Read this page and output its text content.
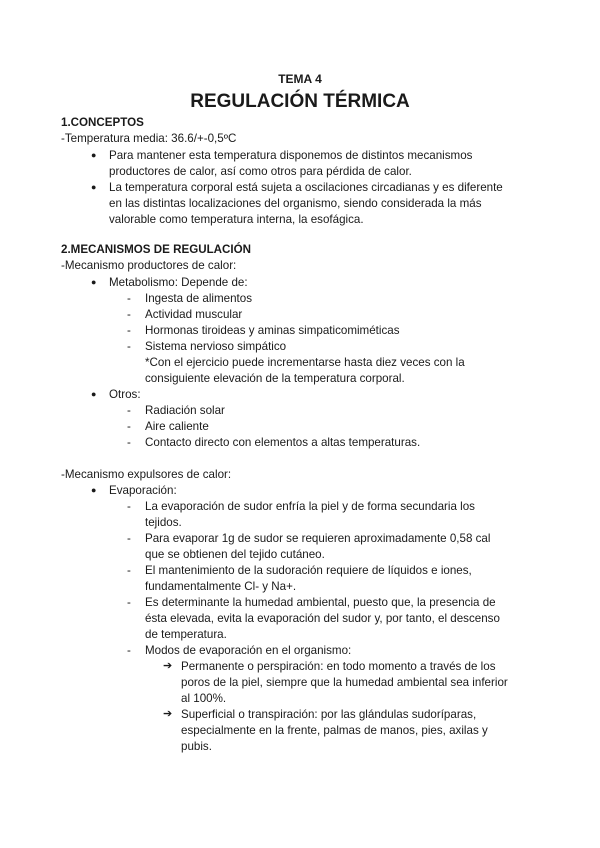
TEMA 4
REGULACIÓN TÉRMICA
1.CONCEPTOS
-Temperatura media: 36.6/+-0,5ºC
● Para mantener esta temperatura disponemos de distintos mecanismos
productores de calor, así como otros para pérdida de calor.
● La temperatura corporal está sujeta a oscilaciones circadianas y es diferente
en las distintas localizaciones del organismo, siendo considerada la más
valorable como temperatura interna, la esofágica.
2.MECANISMOS DE REGULACIÓN
-Mecanismo productores de calor:
● Metabolismo: Depende de:
- Ingesta de alimentos
- Actividad muscular
- Hormonas tiroideas y aminas simpaticomiméticas
- Sistema nervioso simpático
*Con el ejercicio puede incrementarse hasta diez veces con la
consiguiente elevación de la temperatura corporal.
● Otros:
- Radiación solar
- Aire caliente
- Contacto directo con elementos a altas temperaturas.
-Mecanismo expulsores de calor:
● Evaporación:
- La evaporación de sudor enfría la piel y de forma secundaria los
tejidos.
- Para evaporar 1g de sudor se requieren aproximadamente 0,58 cal
que se obtienen del tejido cutáneo.
- El mantenimiento de la sudoración requiere de líquidos e iones,
fundamentalmente Cl- y Na+.
- Es determinante la humedad ambiental, puesto que, la presencia de
ésta elevada, evita la evaporación del sudor y, por tanto, el descenso
de temperatura.
- Modos de evaporación en el organismo:
➔ Permanente o perspiración: en todo momento a través de los
poros de la piel, siempre que la humedad ambiental sea inferior
al 100%.
➔ Superficial o transpiración: por las glándulas sudoríparas,
especialmente en la frente, palmas de manos, pies, axilas y
pubis.
